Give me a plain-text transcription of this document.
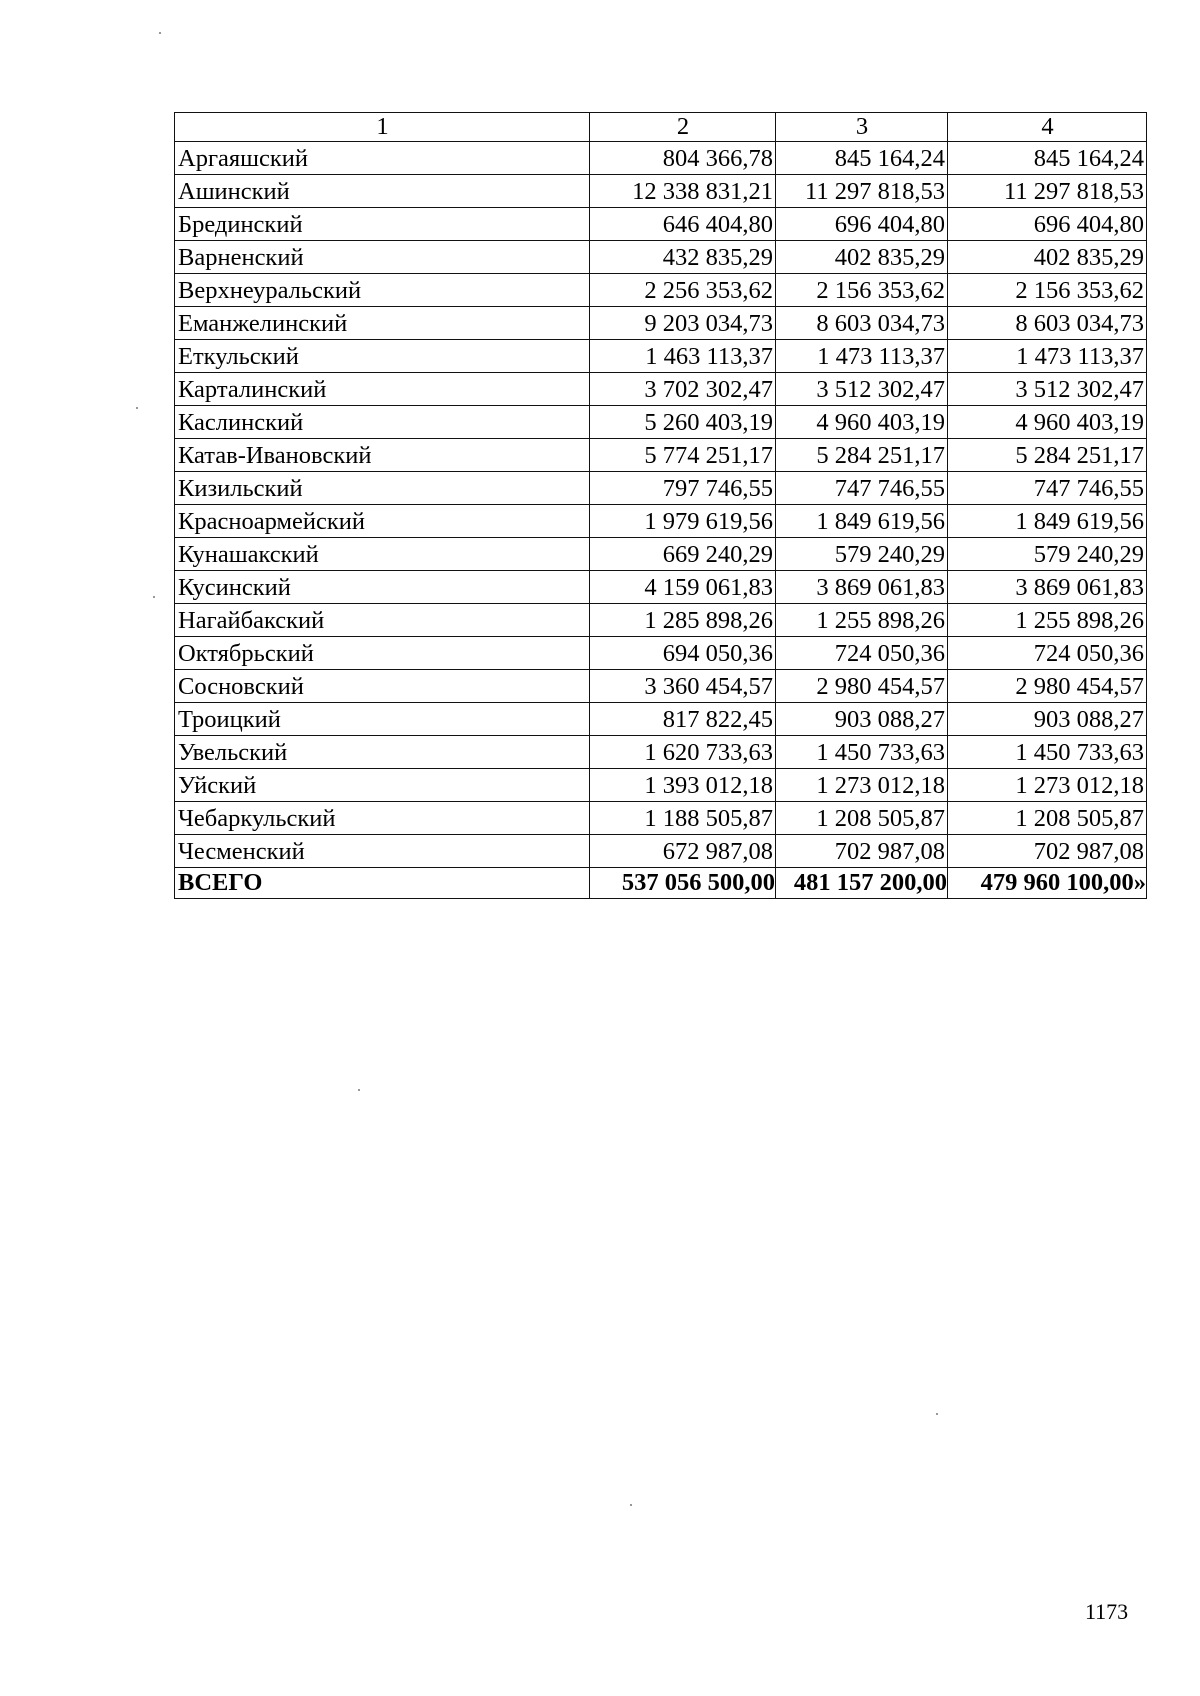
1	2	3	4
Аргаяшский	804 366,78	845 164,24	845 164,24
Ашинский	12 338 831,21	11 297 818,53	11 297 818,53
Брединский	646 404,80	696 404,80	696 404,80
Варненский	432 835,29	402 835,29	402 835,29
Верхнеуральский	2 256 353,62	2 156 353,62	2 156 353,62
Еманжелинский	9 203 034,73	8 603 034,73	8 603 034,73
Еткульский	1 463 113,37	1 473 113,37	1 473 113,37
Карталинский	3 702 302,47	3 512 302,47	3 512 302,47
Каслинский	5 260 403,19	4 960 403,19	4 960 403,19
Катав-Ивановский	5 774 251,17	5 284 251,17	5 284 251,17
Кизильский	797 746,55	747 746,55	747 746,55
Красноармейский	1 979 619,56	1 849 619,56	1 849 619,56
Кунашакский	669 240,29	579 240,29	579 240,29
Кусинский	4 159 061,83	3 869 061,83	3 869 061,83
Нагайбакский	1 285 898,26	1 255 898,26	1 255 898,26
Октябрьский	694 050,36	724 050,36	724 050,36
Сосновский	3 360 454,57	2 980 454,57	2 980 454,57
Троицкий	817 822,45	903 088,27	903 088,27
Увельский	1 620 733,63	1 450 733,63	1 450 733,63
Уйский	1 393 012,18	1 273 012,18	1 273 012,18
Чебаркульский	1 188 505,87	1 208 505,87	1 208 505,87
Чесменский	672 987,08	702 987,08	702 987,08
ВСЕГО	537 056 500,00	481 157 200,00	479 960 100,00»
1173
